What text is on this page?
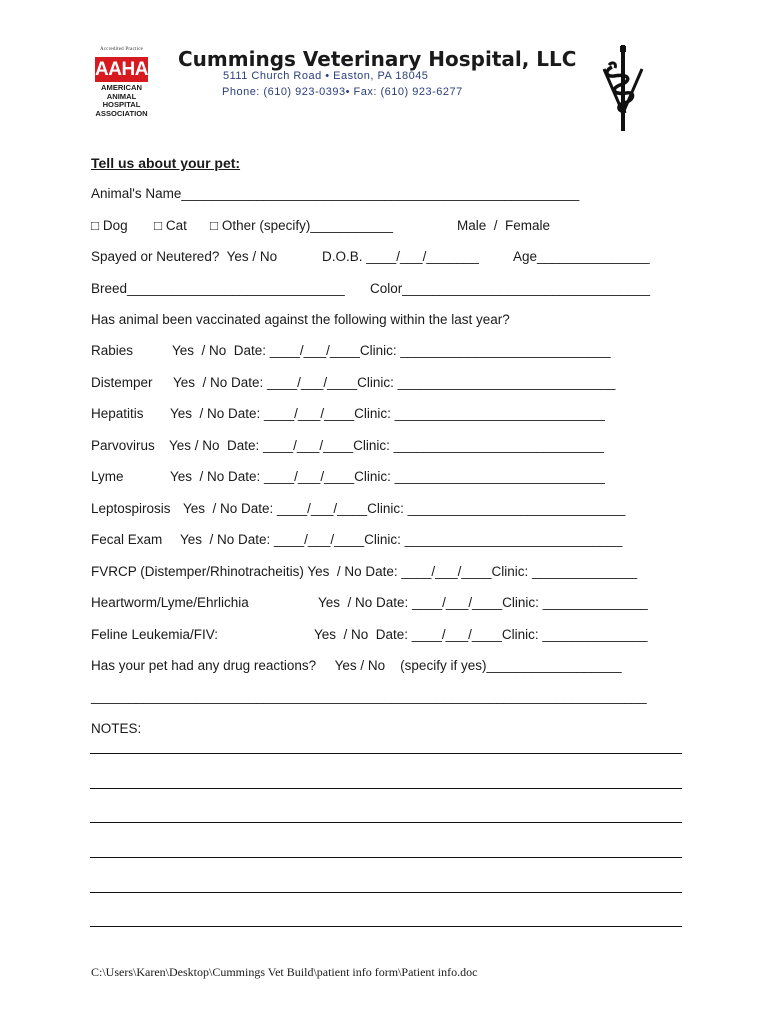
Accredited Practice
AAHA
AMERICAN
ANIMAL
HOSPITAL
ASSOCIATION
Cummings Veterinary Hospital, LLC
5111 Church Road • Easton, PA 18045
Phone: (610) 923-0393• Fax: (610) 923-6277
Tell us about your pet:
Animal's Name_____________________________________________________
□ Dog □ Cat □ Other (specify)___________	Male  /  Female
Spayed or Neutered?  Yes / No	D.O.B. ____/___/_______	Age_______________
Breed_____________________________ Color_________________________________
Has animal been vaccinated against the following within the last year?
Rabies	Yes  / No  Date: ____/___/____Clinic: ____________________________
Distemper Yes  / No Date: ____/___/____Clinic: _____________________________
Hepatitis Yes  / No Date: ____/___/____Clinic: ____________________________
Parvovirus Yes / No  Date: ____/___/____Clinic: ____________________________
Lyme	Yes  / No Date: ____/___/____Clinic: ____________________________
Leptospirosis Yes  / No Date: ____/___/____Clinic: _____________________________
Fecal Exam Yes  / No Date: ____/___/____Clinic: _____________________________
FVRCP (Distemper/Rhinotracheitis) Yes  / No Date: ____/___/____Clinic: ______________
Heartworm/Lyme/Ehrlichia	Yes  / No Date: ____/___/____Clinic: ______________
Feline Leukemia/FIV:	Yes  / No  Date: ____/___/____Clinic: ______________
Has your pet had any drug reactions?     Yes / No    (specify if yes)__________________
__________________________________________________________________________
NOTES:
C:\Users\Karen\Desktop\Cummings Vet Build\patient info form\Patient info.doc
